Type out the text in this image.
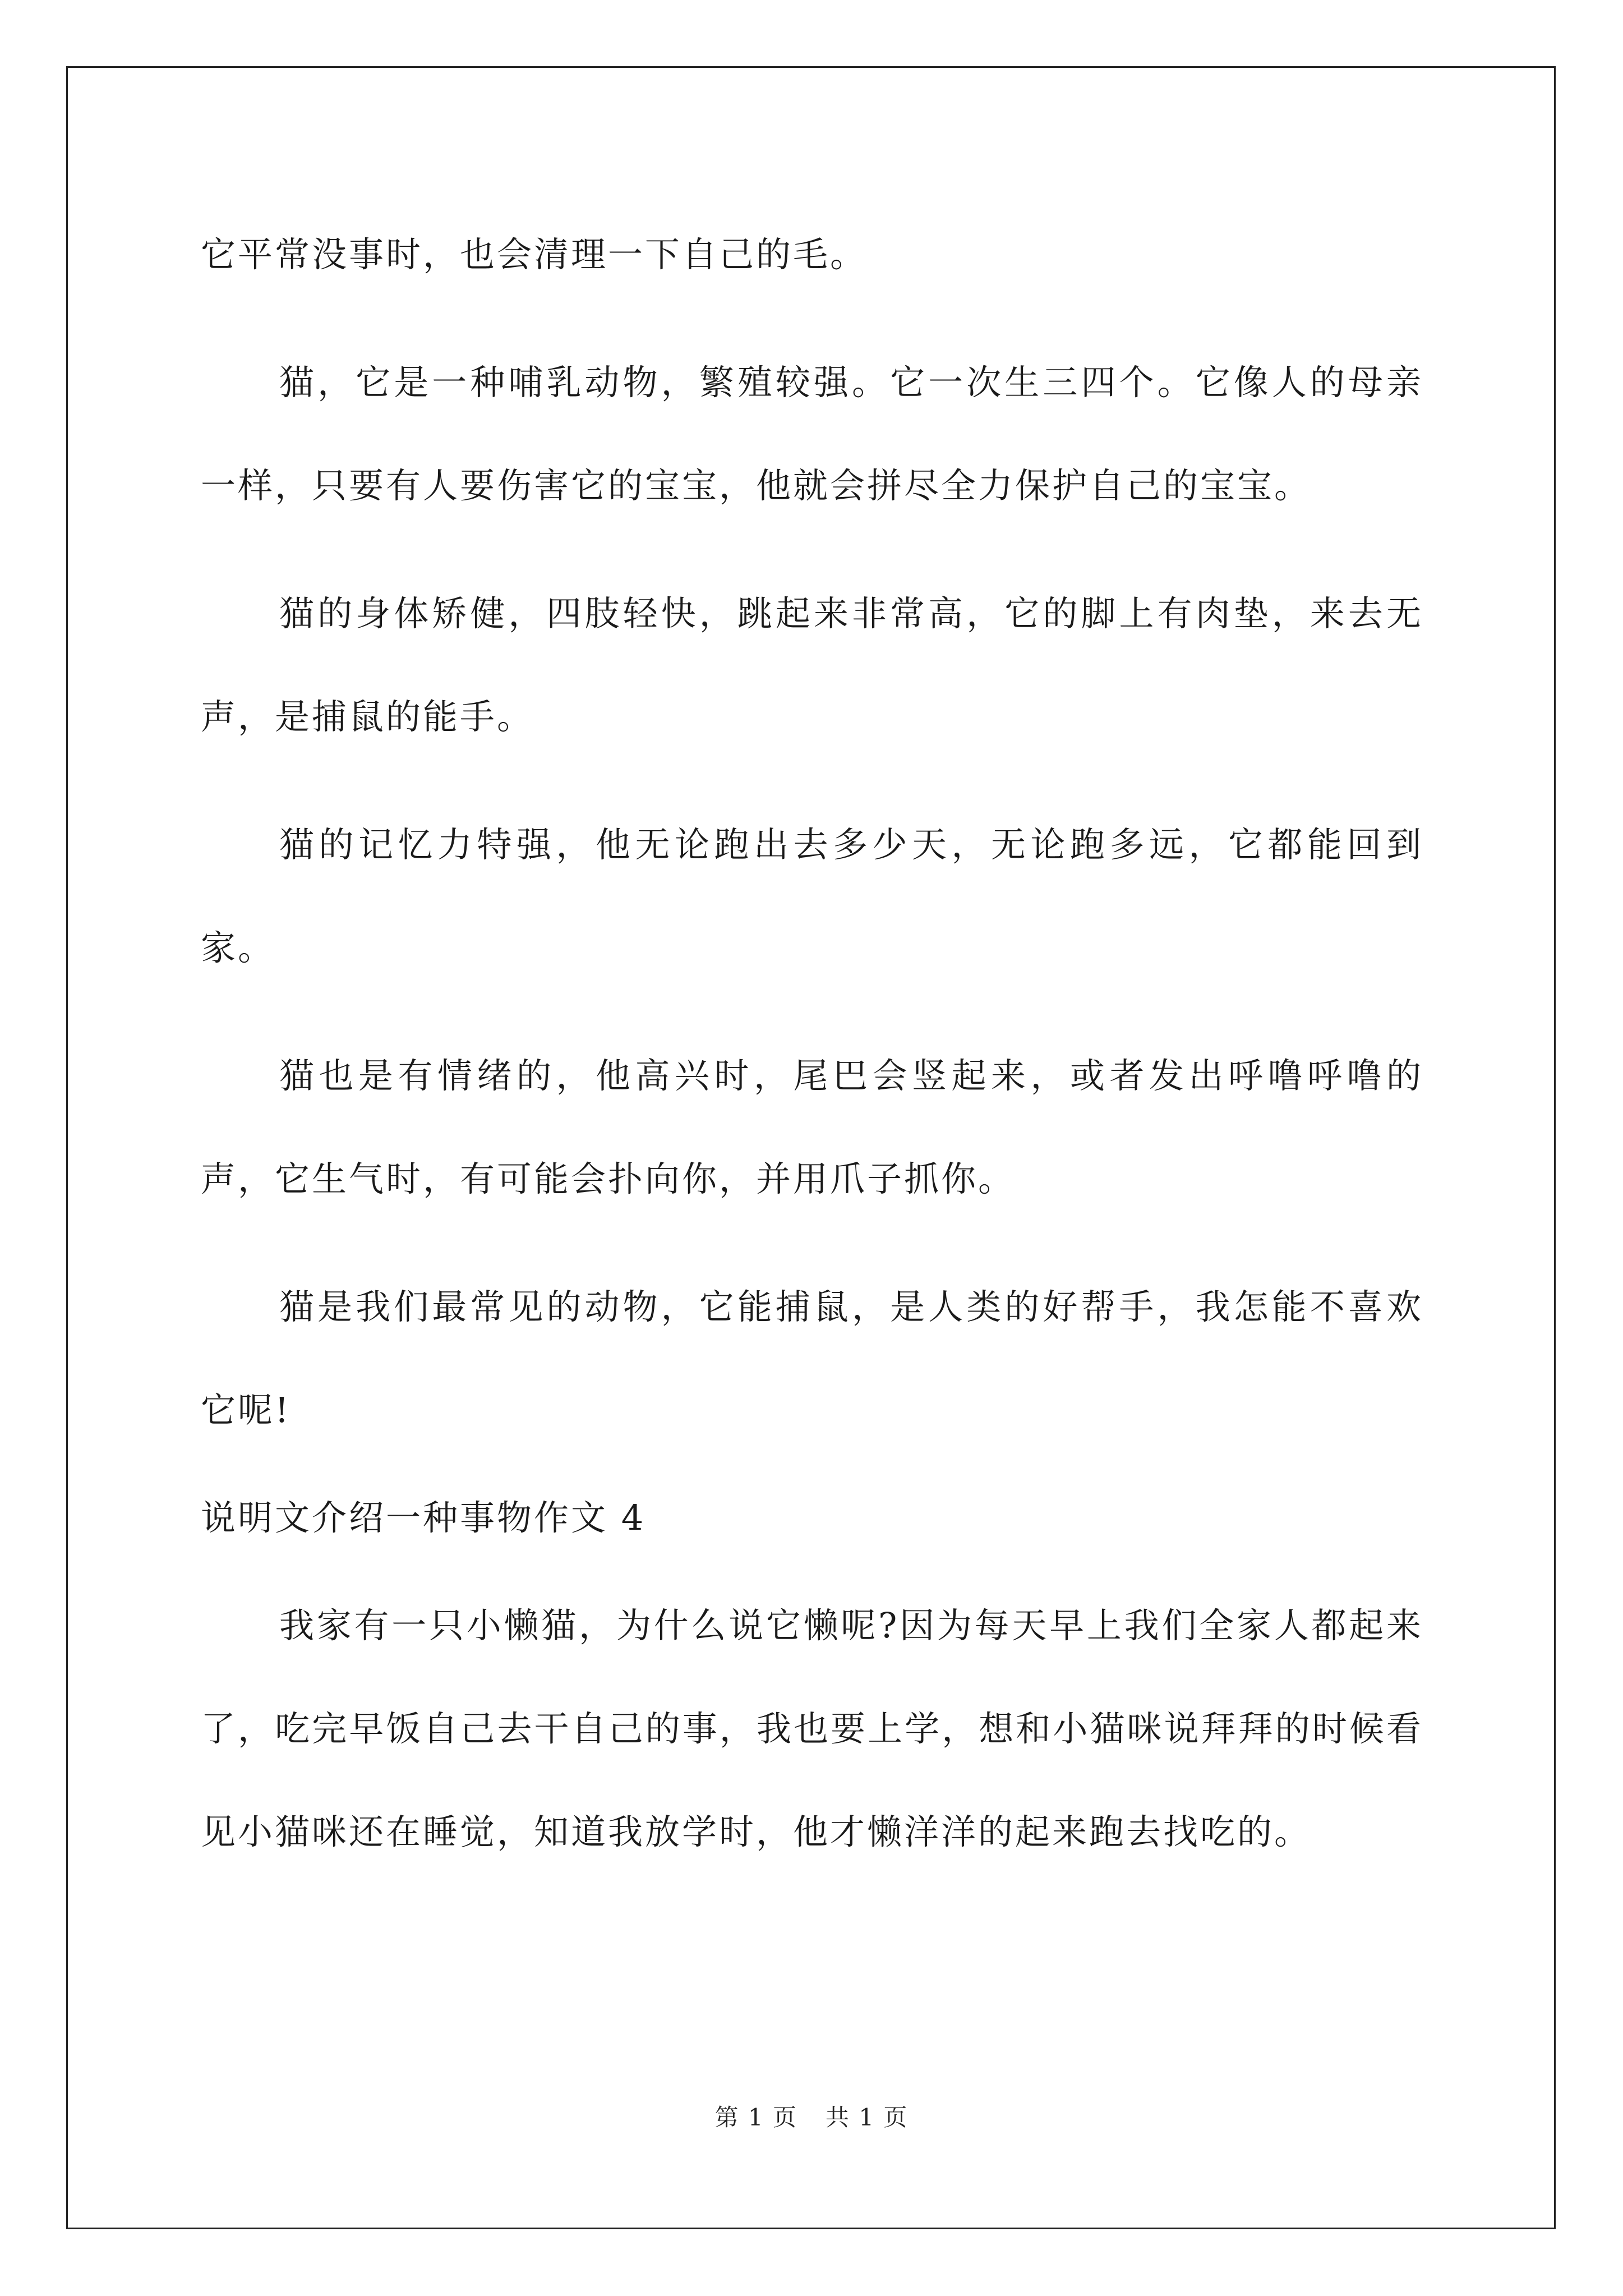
它平常没事时，也会清理一下自己的毛。

猫，它是一种哺乳动物，繁殖较强。它一次生三四个。它像人的母亲一样，只要有人要伤害它的宝宝，他就会拼尽全力保护自己的宝宝。

猫的身体矫健，四肢轻快，跳起来非常高，它的脚上有肉垫，来去无声，是捕鼠的能手。

猫的记忆力特强，他无论跑出去多少天，无论跑多远，它都能回到家。

猫也是有情绪的，他高兴时，尾巴会竖起来，或者发出呼噜呼噜的声，它生气时，有可能会扑向你，并用爪子抓你。

猫是我们最常见的动物，它能捕鼠，是人类的好帮手，我怎能不喜欢它呢!

说明文介绍一种事物作文 4

我家有一只小懒猫，为什么说它懒呢?因为每天早上我们全家人都起来了，吃完早饭自己去干自己的事，我也要上学，想和小猫咪说拜拜的时候看见小猫咪还在睡觉，知道我放学时，他才懒洋洋的起来跑去找吃的。

第 1 页 共 1 页
